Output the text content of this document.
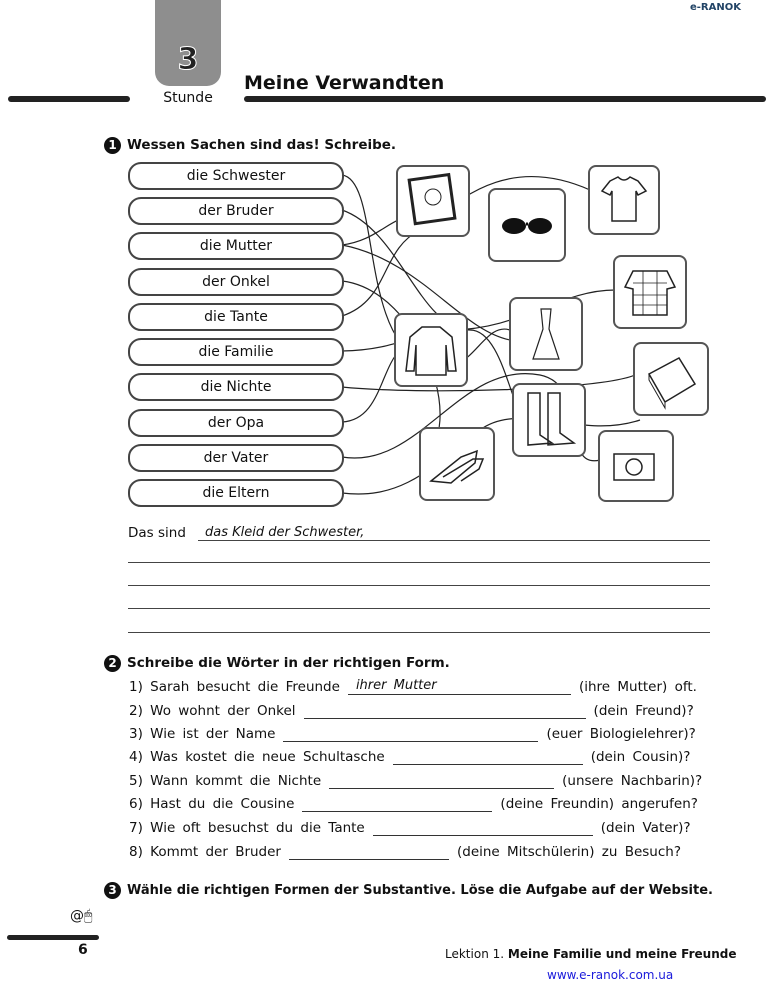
3
Stunde
Meine Verwandten
e-RANOK
1 Wessen Sachen sind das! Schreibe.
die Schwester
der Bruder
die Mutter
der Onkel
die Tante
die Familie
die Nichte
der Opa
der Vater
die Eltern
Das sind das Kleid der Schwester,
2 Schreibe die Wörter in der richtigen Form.
1) Sarah besucht die Freunde	ihrer Mutter	(ihre Mutter) oft.
2) Wo wohnt der Onkel	(dein Freund)?
3) Wie ist der Name	(euer Biologielehrer)?
4) Was kostet die neue Schultasche	(dein Cousin)?
5) Wann kommt die Nichte	(unsere Nachbarin)?
6) Hast du die Cousine	(deine Freundin) angerufen?
7) Wie oft besuchst du die Tante	(dein Vater)?
8) Kommt der Bruder	(deine Mitschülerin) zu Besuch?
3 Wähle die richtigen Formen der Substantive. Löse die Aufgabe auf der Website.
@🖱
6	Lektion 1. Meine Familie und meine Freunde
www.e-ranok.com.ua
